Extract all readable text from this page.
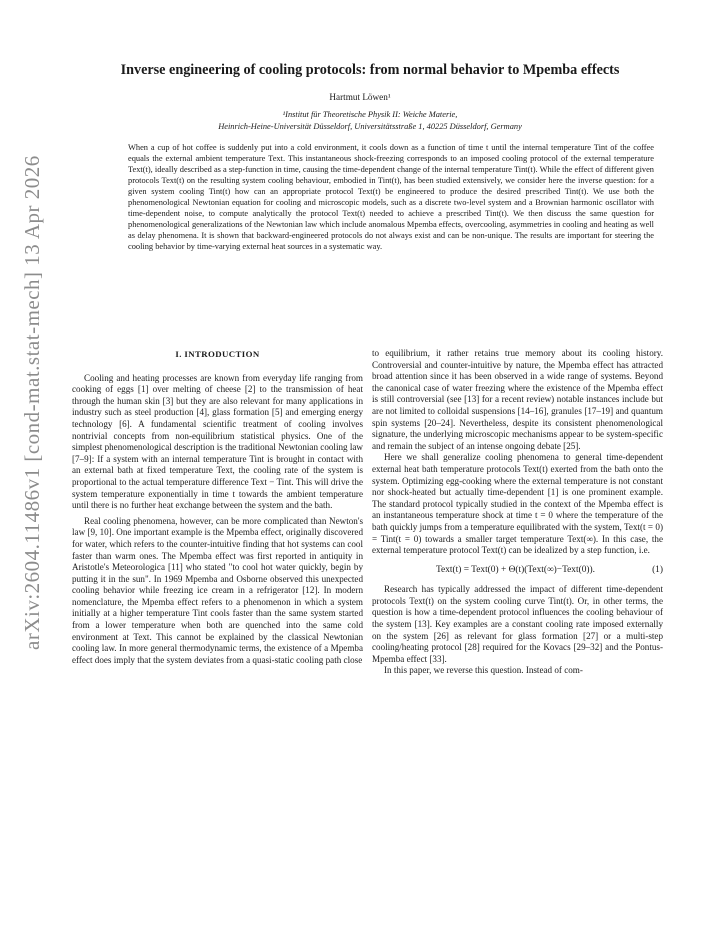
arXiv:2604.11486v1 [cond-mat.stat-mech] 13 Apr 2026
Inverse engineering of cooling protocols: from normal behavior to Mpemba effects
Hartmut Löwen¹
¹Institut für Theoretische Physik II: Weiche Materie,
Heinrich-Heine-Universität Düsseldorf, Universitätsstraße 1, 40225 Düsseldorf, Germany
When a cup of hot coffee is suddenly put into a cold environment, it cools down as a function of time t until the internal temperature Tint of the coffee equals the external ambient temperature Text. This instantaneous shock-freezing corresponds to an imposed cooling protocol of the external temperature Text(t), ideally described as a step-function in time, causing the time-dependent change of the internal temperature Tint(t). While the effect of different given protocols Text(t) on the resulting system cooling behaviour, embodied in Tint(t), has been studied extensively, we consider here the inverse question: for a given system cooling Tint(t) how can an appropriate protocol Text(t) be engineered to produce the desired prescribed Tint(t). We use both the phenomenological Newtonian equation for cooling and microscopic models, such as a discrete two-level system and a Brownian harmonic oscillator with time-dependent noise, to compute analytically the protocol Text(t) needed to achieve a prescribed Tint(t). We then discuss the same question for phenomenological generalizations of the Newtonian law which include anomalous Mpemba effects, overcooling, asymmetries in cooling and heating as well as delay phenomena. It is shown that backward-engineered protocols do not always exist and can be non-unique. The results are important for steering the cooling behavior by time-varying external heat sources in a systematic way.
I. INTRODUCTION

Cooling and heating processes are known from everyday life ranging from cooking of eggs [1] over melting of cheese [2] to the transmission of heat through the human skin [3] but they are also relevant for many applications in industry such as steel production [4], glass formation [5] and emerging energy technology [6]. A fundamental scientific treatment of cooling involves nontrivial concepts from non-equilibrium statistical physics. One of the simplest phenomenological description is the traditional Newtonian cooling law [7–9]: If a system with an internal temperature Tint is brought in contact with an external bath at fixed temperature Text, the cooling rate of the system is proportional to the actual temperature difference Text − Tint. This will drive the system temperature exponentially in time t towards the ambient temperature until there is no further heat exchange between the system and the bath.

Real cooling phenomena, however, can be more complicated than Newton's law [9, 10]. One important example is the Mpemba effect, originally discovered for water, which refers to the counter-intuitive finding that hot systems can cool faster than warm ones. The Mpemba effect was first reported in antiquity in Aristotle's Meteorologica [11] who stated "to cool hot water quickly, begin by putting it in the sun". In 1969 Mpemba and Osborne observed this unexpected cooling behavior while freezing ice cream in a refrigerator [12]. In modern nomenclature, the Mpemba effect refers to a phenomenon in which a system initially at a higher temperature Tint cools faster than the same system started from a lower temperature when both are quenched into the same cold environment at Text. This cannot be explained by the classical Newtonian cooling law. In more general thermodynamic terms, the existence of a Mpemba effect does imply that the system deviates from a quasi-static cooling path close

to equilibrium, it rather retains true memory about its cooling history. Controversial and counter-intuitive by nature, the Mpemba effect has attracted broad attention since it has been observed in a wide range of systems. Beyond the canonical case of water freezing where the existence of the Mpemba effect is still controversial (see [13] for a recent review) notable instances include but are not limited to colloidal suspensions [14–16], granules [17–19] and quantum spin systems [20–24]. Nevertheless, despite its consistent phenomenological signature, the underlying microscopic mechanisms appear to be system-specific and remain the subject of an intense ongoing debate [25].

Here we shall generalize cooling phenomena to general time-dependent external heat bath temperature protocols Text(t) exerted from the bath onto the system. Optimizing egg-cooking where the external temperature is not constant nor shock-heated but actually time-dependent [1] is one prominent example. The standard protocol typically studied in the context of the Mpemba effect is an instantaneous temperature shock at time t = 0 where the temperature of the bath quickly jumps from a temperature equilibrated with the system, Text(t = 0) = Tint(t = 0) towards a smaller target temperature Text(∞). In this case, the external temperature protocol Text(t) can be idealized by a step function, i.e.

Text(t) = Text(0) + Θ(t)(Text(∞)−Text(0)).	(1)

Research has typically addressed the impact of different time-dependent protocols Text(t) on the system cooling curve Tint(t). Or, in other terms, the question is how a time-dependent protocol influences the cooling behaviour of the system [13]. Key examples are a constant cooling rate imposed externally on the system [26] as relevant for glass formation [27] or a multi-step cooling/heating protocol [28] required for the Kovacs [29–32] and the Pontus-Mpemba effect [33].

In this paper, we reverse this question. Instead of com-
